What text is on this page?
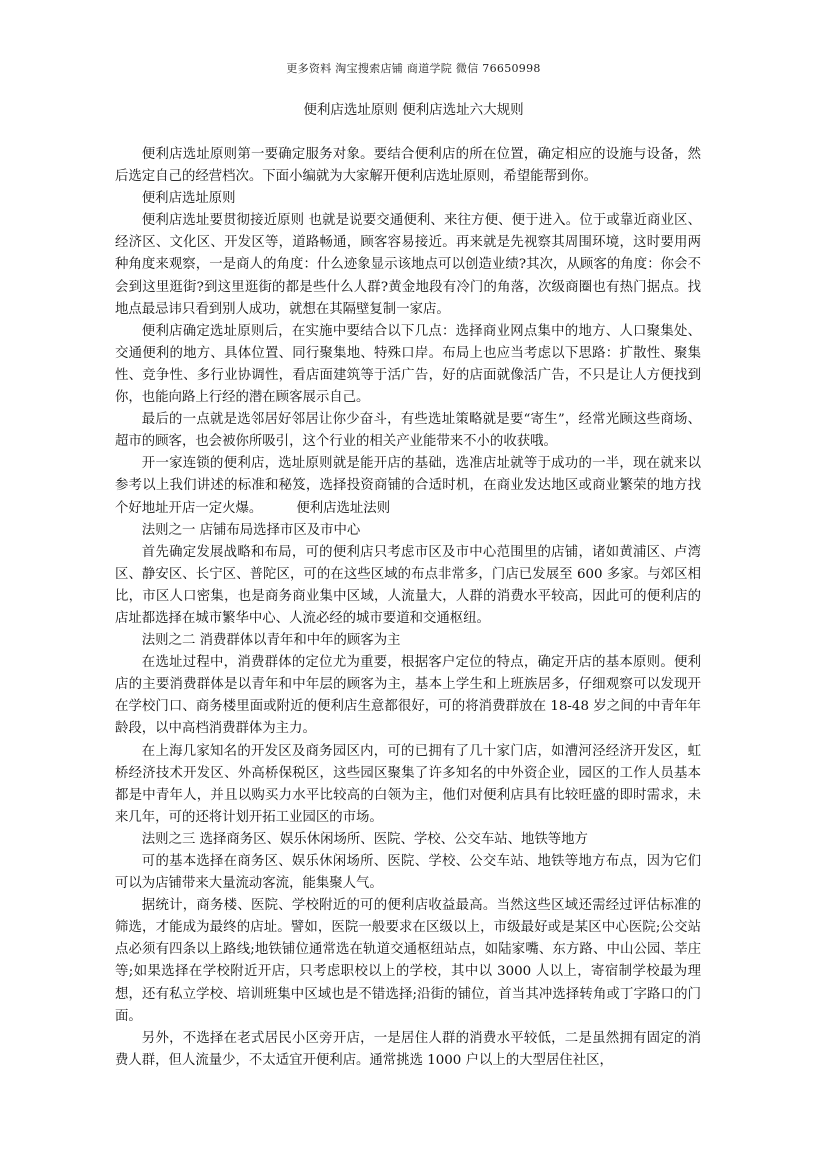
更多资料 淘宝搜索店铺 商道学院 微信 76650998
便利店选址原则 便利店选址六大规则

便利店选址原则第一要确定服务对象。要结合便利店的所在位置，确定相应的设施与设备，然后选定自己的经营档次。下面小编就为大家解开便利店选址原则，希望能帮到你。

便利店选址原则

便利店选址要贯彻接近原则 也就是说要交通便利、来往方便、便于进入。位于或靠近商业区、经济区、文化区、开发区等，道路畅通，顾客容易接近。再来就是先视察其周围环境，这时要用两种角度来观察，一是商人的角度：什么迹象显示该地点可以创造业绩?其次，从顾客的角度：你会不会到这里逛街?到这里逛街的都是些什么人群?黄金地段有冷门的角落，次级商圈也有热门据点。找地点最忌讳只看到别人成功，就想在其隔壁复制一家店。

便利店确定选址原则后，在实施中要结合以下几点：选择商业网点集中的地方、人口聚集处、交通便利的地方、具体位置、同行聚集地、特殊口岸。布局上也应当考虑以下思路：扩散性、聚集性、竞争性、多行业协调性，看店面建筑等于活广告，好的店面就像活广告，不只是让人方便找到你，也能向路上行经的潜在顾客展示自己。

最后的一点就是选邻居好邻居让你少奋斗，有些选址策略就是要“寄生”，经常光顾这些商场、超市的顾客，也会被你所吸引，这个行业的相关产业能带来不小的收获哦。

开一家连锁的便利店，选址原则就是能开店的基础，选准店址就等于成功的一半，现在就来以参考以上我们讲述的标准和秘笈，选择投资商铺的合适时机，在商业发达地区或商业繁荣的地方找个好地址开店一定火爆。	便利店选址法则

法则之一 店铺布局选择市区及市中心

首先确定发展战略和布局，可的便利店只考虑市区及市中心范围里的店铺，诸如黄浦区、卢湾区、静安区、长宁区、普陀区，可的在这些区域的布点非常多，门店已发展至 600 多家。与郊区相比，市区人口密集，也是商务商业集中区域，人流量大，人群的消费水平较高，因此可的便利店的店址都选择在城市繁华中心、人流必经的城市要道和交通枢纽。

法则之二 消费群体以青年和中年的顾客为主

在选址过程中，消费群体的定位尤为重要，根据客户定位的特点，确定开店的基本原则。便利店的主要消费群体是以青年和中年层的顾客为主，基本上学生和上班族居多，仔细观察可以发现开在学校门口、商务楼里面或附近的便利店生意都很好，可的将消费群放在 18-48 岁之间的中青年年龄段，以中高档消费群体为主力。

在上海几家知名的开发区及商务园区内，可的已拥有了几十家门店，如漕河泾经济开发区，虹桥经济技术开发区、外高桥保税区，这些园区聚集了许多知名的中外资企业，园区的工作人员基本都是中青年人，并且以购买力水平比较高的白领为主，他们对便利店具有比较旺盛的即时需求，未来几年，可的还将计划开拓工业园区的市场。

法则之三 选择商务区、娱乐休闲场所、医院、学校、公交车站、地铁等地方

可的基本选择在商务区、娱乐休闲场所、医院、学校、公交车站、地铁等地方布点，因为它们可以为店铺带来大量流动客流，能集聚人气。

据统计，商务楼、医院、学校附近的可的便利店收益最高。当然这些区域还需经过评估标准的筛选，才能成为最终的店址。譬如，医院一般要求在区级以上，市级最好或是某区中心医院;公交站点必须有四条以上路线;地铁铺位通常选在轨道交通枢纽站点，如陆家嘴、东方路、中山公园、莘庄等;如果选择在学校附近开店，只考虑职校以上的学校，其中以 3000 人以上，寄宿制学校最为理想，还有私立学校、培训班集中区域也是不错选择;沿街的铺位，首当其冲选择转角或丁字路口的门面。

另外，不选择在老式居民小区旁开店，一是居住人群的消费水平较低，二是虽然拥有固定的消费人群，但人流量少，不太适宜开便利店。通常挑选 1000 户以上的大型居住社区，
